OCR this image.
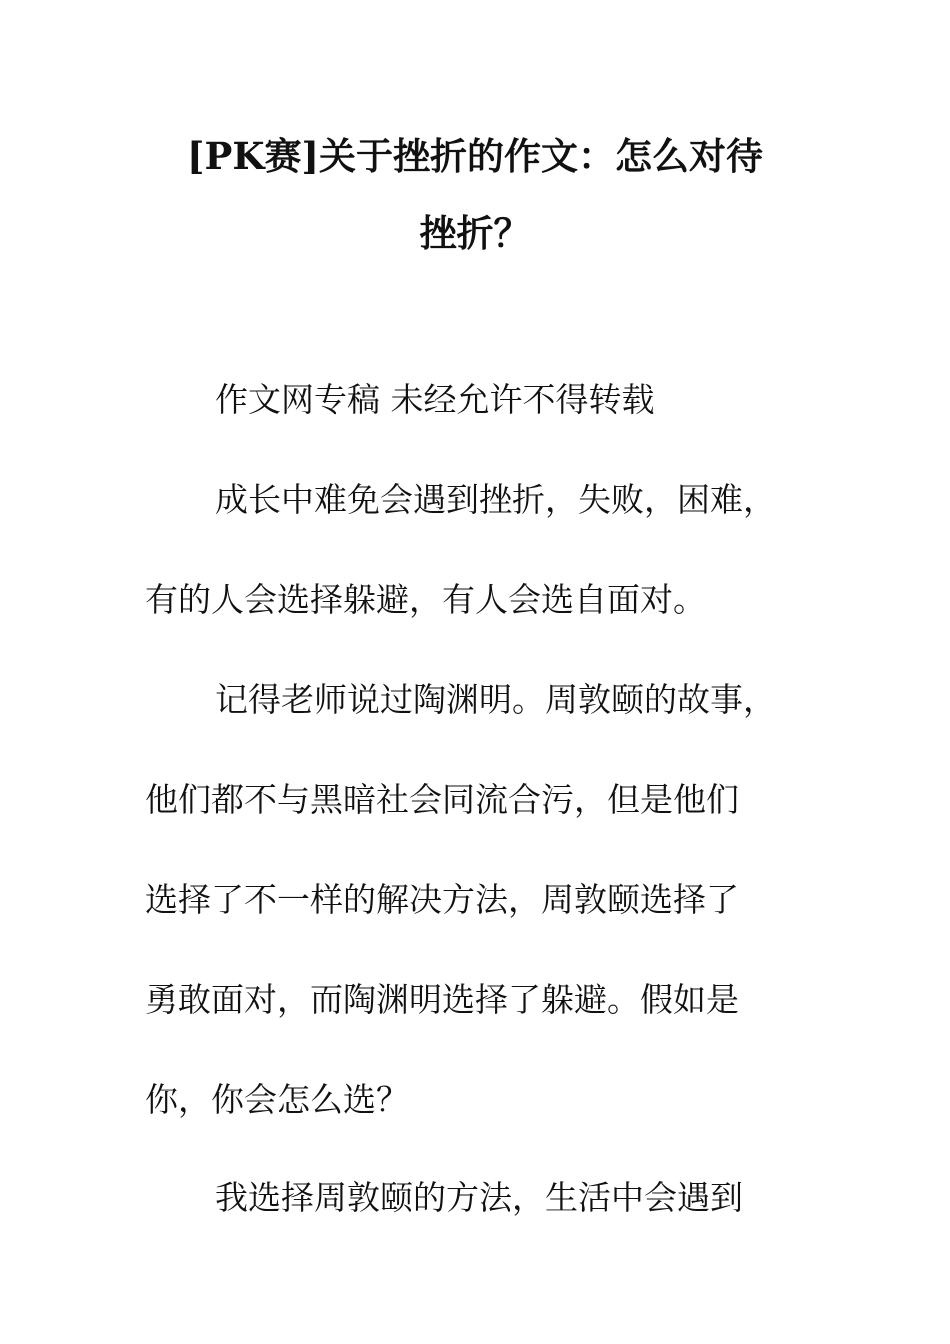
[PK赛]关于挫折的作文：怎么对待
挫折？

作文网专稿 未经允许不得转载

成长中难免会遇到挫折，失败，困难，

有的人会选择躲避，有人会选自面对。

记得老师说过陶渊明。周敦颐的故事，

他们都不与黑暗社会同流合污，但是他们

选择了不一样的解决方法，周敦颐选择了

勇敢面对，而陶渊明选择了躲避。假如是

你，你会怎么选？

我选择周敦颐的方法，生活中会遇到
